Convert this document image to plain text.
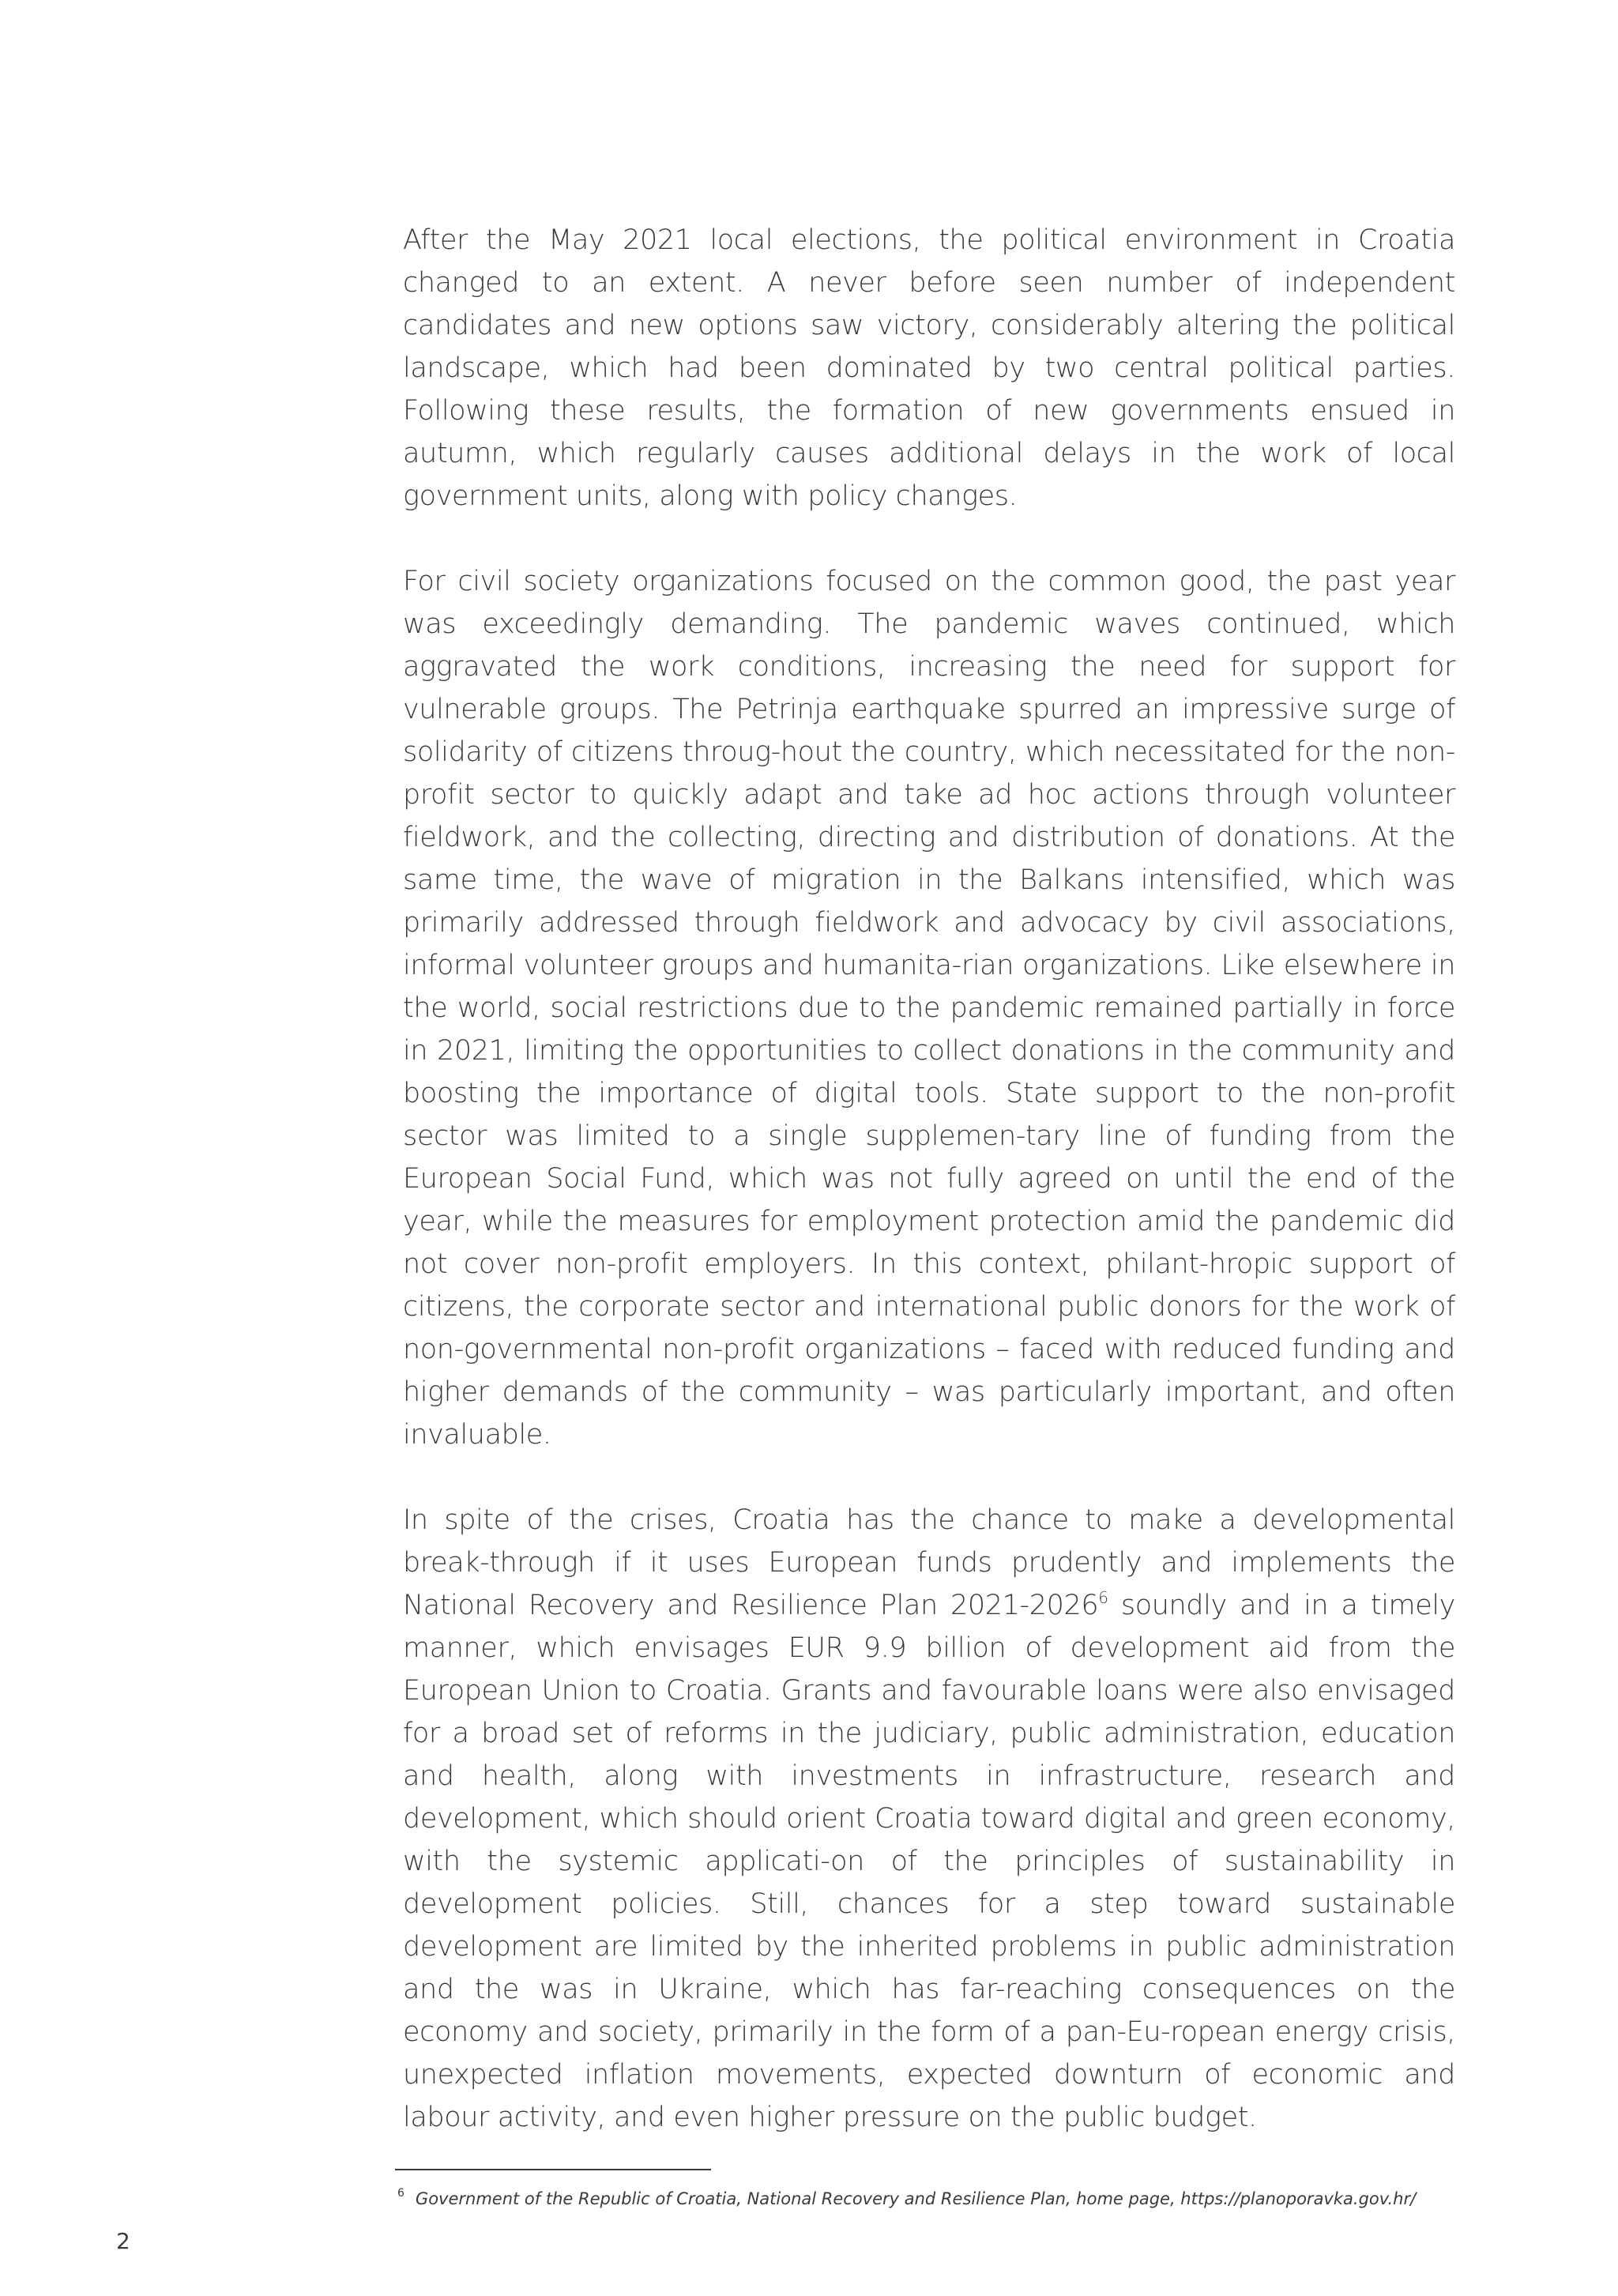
After the May 2021 local elections, the political environment in Croatia changed to an extent. A never before seen number of independent candidates and new options saw victory, considerably altering the political landscape, which had been dominated by two central political parties. Following these results, the formation of new governments ensued in autumn, which regularly causes additional delays in the work of local government units, along with policy changes.

For civil society organizations focused on the common good, the past year was exceedingly demanding. The pandemic waves continued, which aggravated the work conditions, increasing the need for support for vulnerable groups. The Petrinja earthquake spurred an impressive surge of solidarity of citizens throug-hout the country, which necessitated for the non-profit sector to quickly adapt and take ad hoc actions through volunteer fieldwork, and the collecting, directing and distribution of donations. At the same time, the wave of migration in the Balkans intensified, which was primarily addressed through fieldwork and advocacy by civil associations, informal volunteer groups and humanita-rian organizations. Like elsewhere in the world, social restrictions due to the pandemic remained partially in force in 2021, limiting the opportunities to collect donations in the community and boosting the importance of digital tools. State support to the non-profit sector was limited to a single supplemen-tary line of funding from the European Social Fund, which was not fully agreed on until the end of the year, while the measures for employment protection amid the pandemic did not cover non-profit employers. In this context, philant-hropic support of citizens, the corporate sector and international public donors for the work of non-governmental non-profit organizations – faced with reduced funding and higher demands of the community – was particularly important, and often invaluable.

In spite of the crises, Croatia has the chance to make a developmental break-through if it uses European funds prudently and implements the National Recovery and Resilience Plan 2021-2026$^6$ soundly and in a timely manner, which envisages EUR 9.9 billion of development aid from the European Union to Croatia. Grants and favourable loans were also envisaged for a broad set of reforms in the judiciary, public administration, education and health, along with investments in infrastructure, research and development, which should orient Croatia toward digital and green economy, with the systemic applicati-on of the principles of sustainability in development policies. Still, chances for a step toward sustainable development are limited by the inherited problems in public administration and the was in Ukraine, which has far-reaching consequences on the economy and society, primarily in the form of a pan-Eu-ropean energy crisis, unexpected inflation movements, expected downturn of economic and labour activity, and even higher pressure on the public budget.

$^6$ Government of the Republic of Croatia, National Recovery and Resilience Plan, home page, https://planoporavka.gov.hr/
2
